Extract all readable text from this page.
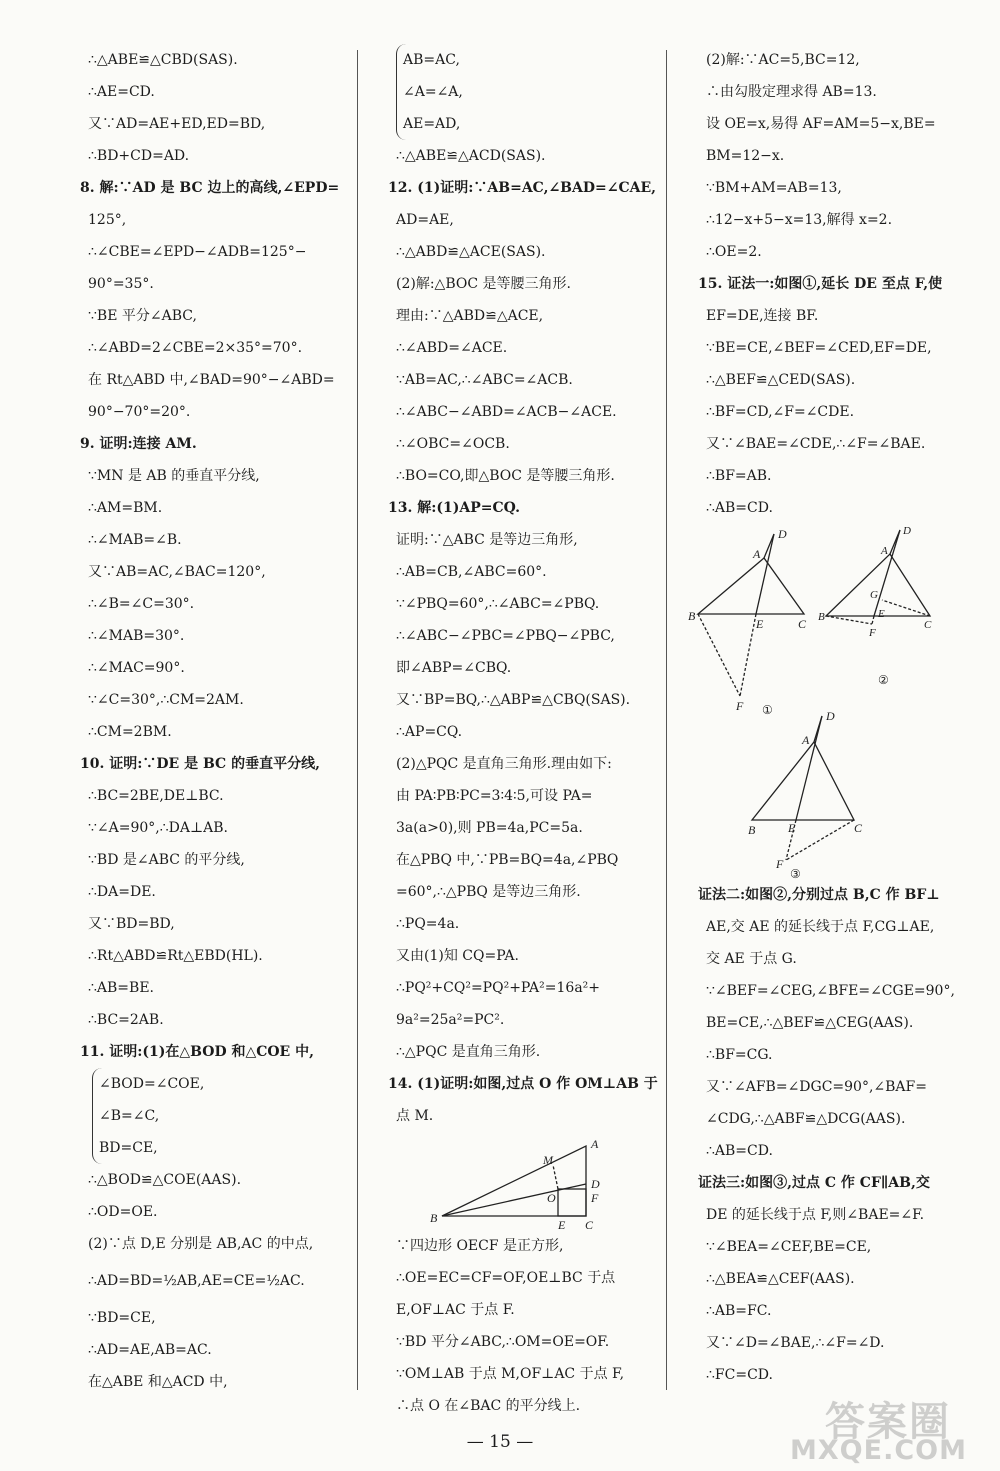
∴△ABE≌△CBD(SAS).
∴AE=CD.
又∵AD=AE+ED,ED=BD,
∴BD+CD=AD.
8. 解:∵AD 是 BC 边上的高线,∠EPD=
125°,
∴∠CBE=∠EPD−∠ADB=125°−
90°=35°.
∵BE 平分∠ABC,
∴∠ABD=2∠CBE=2×35°=70°.
在 Rt△ABD 中,∠BAD=90°−∠ABD=
90°−70°=20°.
9. 证明:连接 AM.
∵MN 是 AB 的垂直平分线,
∴AM=BM.
∴∠MAB=∠B.
又∵AB=AC,∠BAC=120°,
∴∠B=∠C=30°.
∴∠MAB=30°.
∴∠MAC=90°.
∵∠C=30°,∴CM=2AM.
∴CM=2BM.
10. 证明:∵DE 是 BC 的垂直平分线,
∴BC=2BE,DE⊥BC.
∵∠A=90°,∴DA⊥AB.
∵BD 是∠ABC 的平分线,
∴DA=DE.
又∵BD=BD,
∴Rt△ABD≌Rt△EBD(HL).
∴AB=BE.
∴BC=2AB.
11. 证明:(1)在△BOD 和△COE 中,
∠BOD=∠COE,
∠B=∠C,
BD=CE,
∴△BOD≌△COE(AAS).
∴OD=OE.
(2)∵点 D,E 分别是 AB,AC 的中点,
∴AD=BD=½AB,AE=CE=½AC.
∵BD=CE,
∴AD=AE,AB=AC.
在△ABE 和△ACD 中,
AB=AC,
∠A=∠A,
AE=AD,
∴△ABE≌△ACD(SAS).
12. (1)证明:∵AB=AC,∠BAD=∠CAE,
AD=AE,
∴△ABD≌△ACE(SAS).
(2)解:△BOC 是等腰三角形.
理由:∵△ABD≌△ACE,
∴∠ABD=∠ACE.
∵AB=AC,∴∠ABC=∠ACB.
∴∠ABC−∠ABD=∠ACB−∠ACE.
∴∠OBC=∠OCB.
∴BO=CO,即△BOC 是等腰三角形.
13. 解:(1)AP=CQ.
证明:∵△ABC 是等边三角形,
∴AB=CB,∠ABC=60°.
∵∠PBQ=60°,∴∠ABC=∠PBQ.
∴∠ABC−∠PBC=∠PBQ−∠PBC,
即∠ABP=∠CBQ.
又∵BP=BQ,∴△ABP≌△CBQ(SAS).
∴AP=CQ.
(2)△PQC 是直角三角形.理由如下:
由 PA∶PB∶PC=3∶4∶5,可设 PA=
3a(a>0),则 PB=4a,PC=5a.
在△PBQ 中,∵PB=BQ=4a,∠PBQ
=60°,∴△PBQ 是等边三角形.
∴PQ=4a.
又由(1)知 CQ=PA.
∴PQ²+CQ²=PQ²+PA²=16a²+
9a²=25a²=PC².
∴△PQC 是直角三角形.
14. (1)证明:如图,过点 O 作 OM⊥AB 于
点 M.
M
A
D
F
O
B	E C
∵四边形 OECF 是正方形,
∴OE=EC=CF=OF,OE⊥BC 于点
E,OF⊥AC 于点 F.
∵BD 平分∠ABC,∴OM=OE=OF.
∵OM⊥AB 于点 M,OF⊥AC 于点 F,
∴点 O 在∠BAC 的平分线上.
(2)解:∵AC=5,BC=12,
∴由勾股定理求得 AB=13.
设 OE=x,易得 AF=AM=5−x,BE=
BM=12−x.
∵BM+AM=AB=13,
∴12−x+5−x=13,解得 x=2.
∴OE=2.
15. 证法一:如图①,延长 DE 至点 F,使
EF=DE,连接 BF.
∵BE=CE,∠BEF=∠CED,EF=DE,
∴△BEF≌△CED(SAS).
∴BF=CD,∠F=∠CDE.
又∵∠BAE=∠CDE,∴∠F=∠BAE.
∴BF=AB.
∴AB=CD.
A
D
B
E	C
F ①
A
D
G
B	E
C
F
②
A
D
B	E	C
F
③
证法二:如图②,分别过点 B,C 作 BF⊥
AE,交 AE 的延长线于点 F,CG⊥AE,
交 AE 于点 G.
∵∠BEF=∠CEG,∠BFE=∠CGE=90°,
BE=CE,∴△BEF≌△CEG(AAS).
∴BF=CG.
又∵∠AFB=∠DGC=90°,∠BAF=
∠CDG,∴△ABF≌△DCG(AAS).
∴AB=CD.
证法三:如图③,过点 C 作 CF∥AB,交
DE 的延长线于点 F,则∠BAE=∠F.
∵∠BEA=∠CEF,BE=CE,
∴△BEA≌△CEF(AAS).
∴AB=FC.
又∵∠D=∠BAE,∴∠F=∠D.
∴FC=CD.
— 15 —	答案圈
MXQE.COM
